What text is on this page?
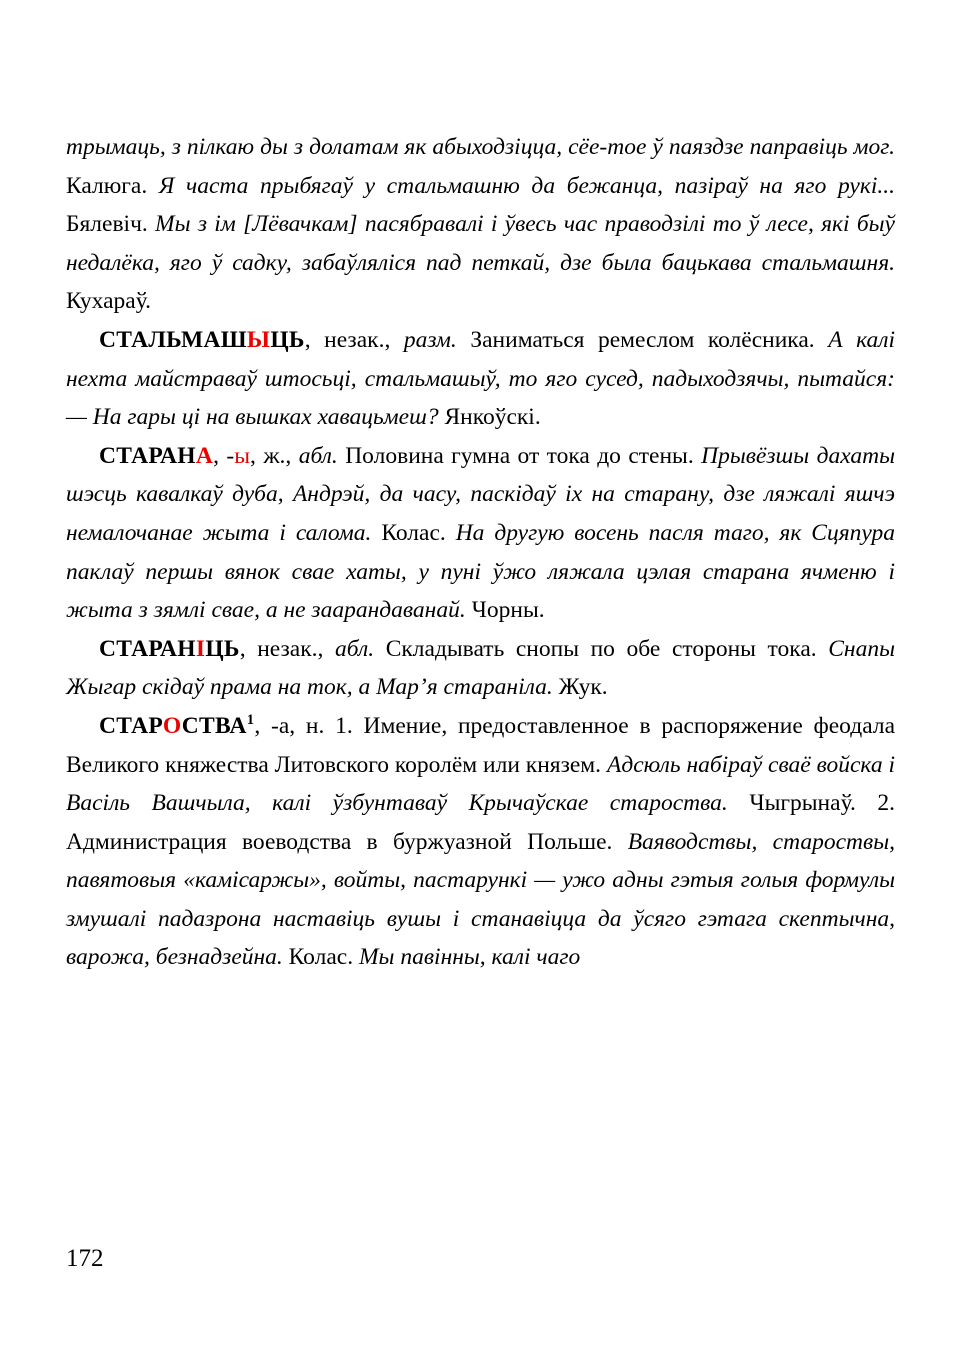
трымаць, з пілкаю ды з долатам як абыходзіцца, сёе-тое ў паяздзе паправіць мог. Калюга. Я часта прыбягаў у стальмашню да бежанца, пазіраў на яго рукі... Бялевіч. Мы з ім [Лёвачкам] пасябравалі і ўвесь час праводзілі то ў лесе, які быў недалёка, яго ў садку, забаўляліся пад петкай, дзе была бацькава стальмашня. Кухараў.

СТАЛЬМАШЫЦЬ, незак., разм. Заниматься ремеслом колёсника. А калі нехта майстраваў штосьці, стальмашыў, то яго сусед, падыходзячы, пытайся: — На гары ці на вышках хавацьмеш? Янкоўскі.

СТАРАНА, -ы, ж., абл. Половина гумна от тока до стены. Прывёзшы дахаты шэсць кавалкаў дуба, Андрэй, да часу, паскідаў іх на старану, дзе ляжалі яшчэ немалочанае жыта і салома. Колас. На другую восень пасля таго, як Сцяпура паклаў першы вянок свае хаты, у пуні ўжо ляжала цэлая старана ячменю і жыта з зямлі свае, а не заарандаванай. Чорны.

СТАРАНІЦЬ, незак., абл. Складывать снопы по обе стороны тока. Снапы Жыгар скідаў прама на ток, а Мар’я стараніла. Жук.

СТАРОСТВА$^1$, -а, н. 1. Имение, предоставленное в распоряжение феодала Великого княжества Литовского королём или князем. Адсюль набіраў сваё войска і Васіль Вашчыла, калі ўзбунтаваў Крычаўскае староства. Чыгрынаў. 2. Администрация воеводства в буржуазной Польше. Ваяводствы, староствы, павятовыя «камісаржы», войты, пастарункі — ужо адны гэтыя голыя формулы змушалі падазрона наставіць вушы і станавіцца да ўсяго гэтага скептычна, варожа, безнадзейна. Колас. Мы павінны, калі чаго

172
